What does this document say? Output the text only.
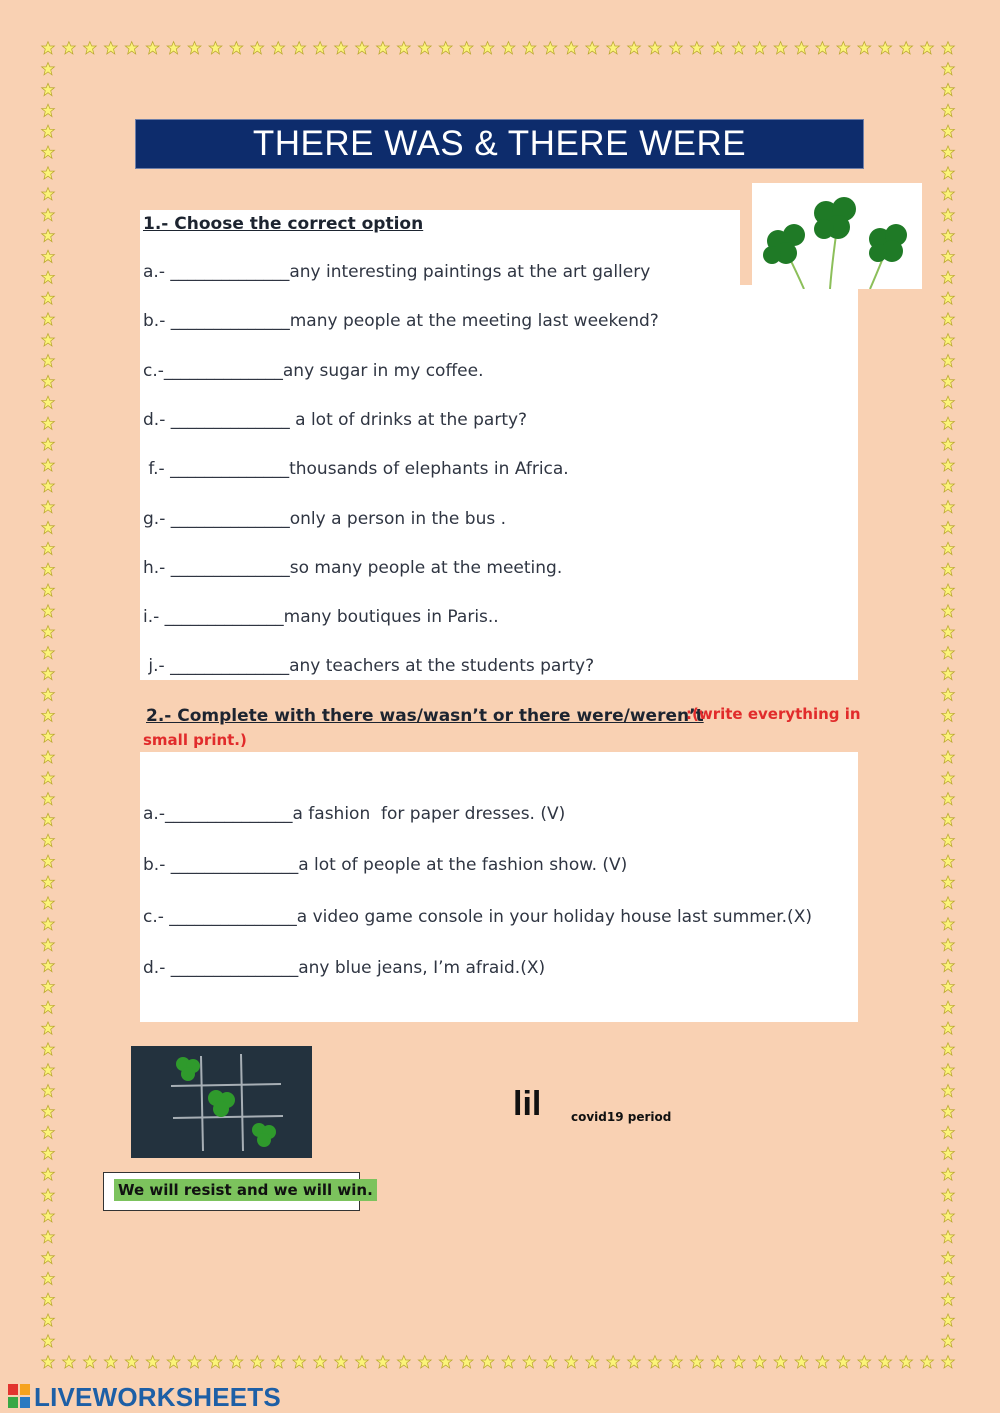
THERE WAS & THERE WERE
1.- Choose the correct option
a.- ______________any interesting paintings at the art gallery
b.- ______________many people at the meeting last weekend?
c.-______________any sugar in my coffee.
d.- ______________ a lot of drinks at the party?
f.- ______________thousands of elephants in Africa.
g.- ______________only a person in the bus .
h.- ______________so many people at the meeting.
i.- ______________many boutiques in Paris..
j.- ______________any teachers at the students party?
2.- Complete with there was/wasn’t or there were/weren’t
:(write everything in
small print.)
a.-_______________a fashion  for paper dresses. (V)
b.- _______________a lot of people at the fashion show. (V)
c.- _______________a video game console in your holiday house last summer.(X)
d.- _______________any blue jeans, I’m afraid.(X)
We will resist and we will win.
lil covid19 period
LIVEWORKSHEETS
